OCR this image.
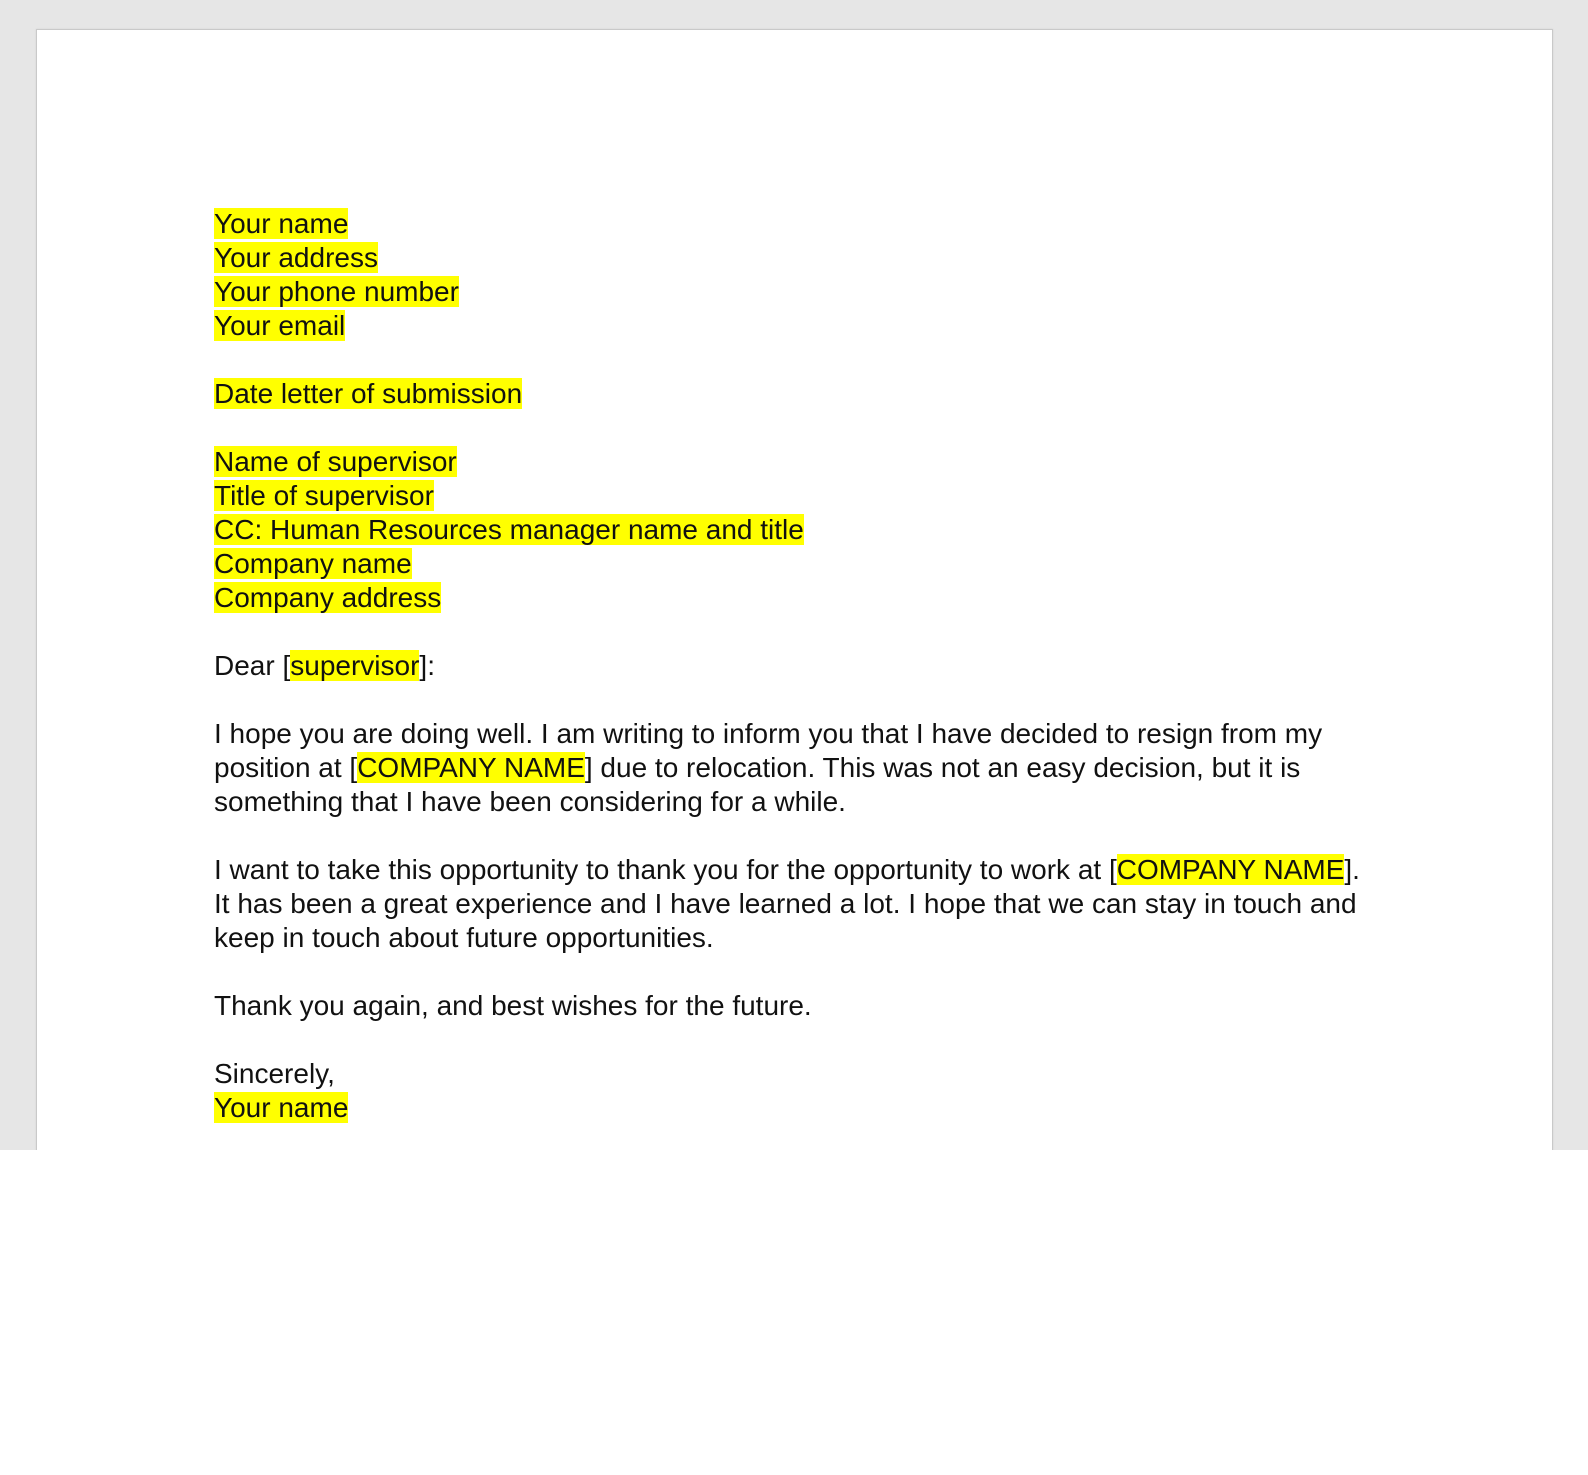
Your name
Your address
Your phone number
Your email
Date letter of submission
Name of supervisor
Title of supervisor
CC: Human Resources manager name and title
Company name
Company address
Dear [supervisor]:
I hope you are doing well. I am writing to inform you that I have decided to resign from my position at [COMPANY NAME] due to relocation. This was not an easy decision, but it is something that I have been considering for a while.
I want to take this opportunity to thank you for the opportunity to work at [COMPANY NAME]. It has been a great experience and I have learned a lot. I hope that we can stay in touch and keep in touch about future opportunities.
Thank you again, and best wishes for the future.
Sincerely,
Your name
